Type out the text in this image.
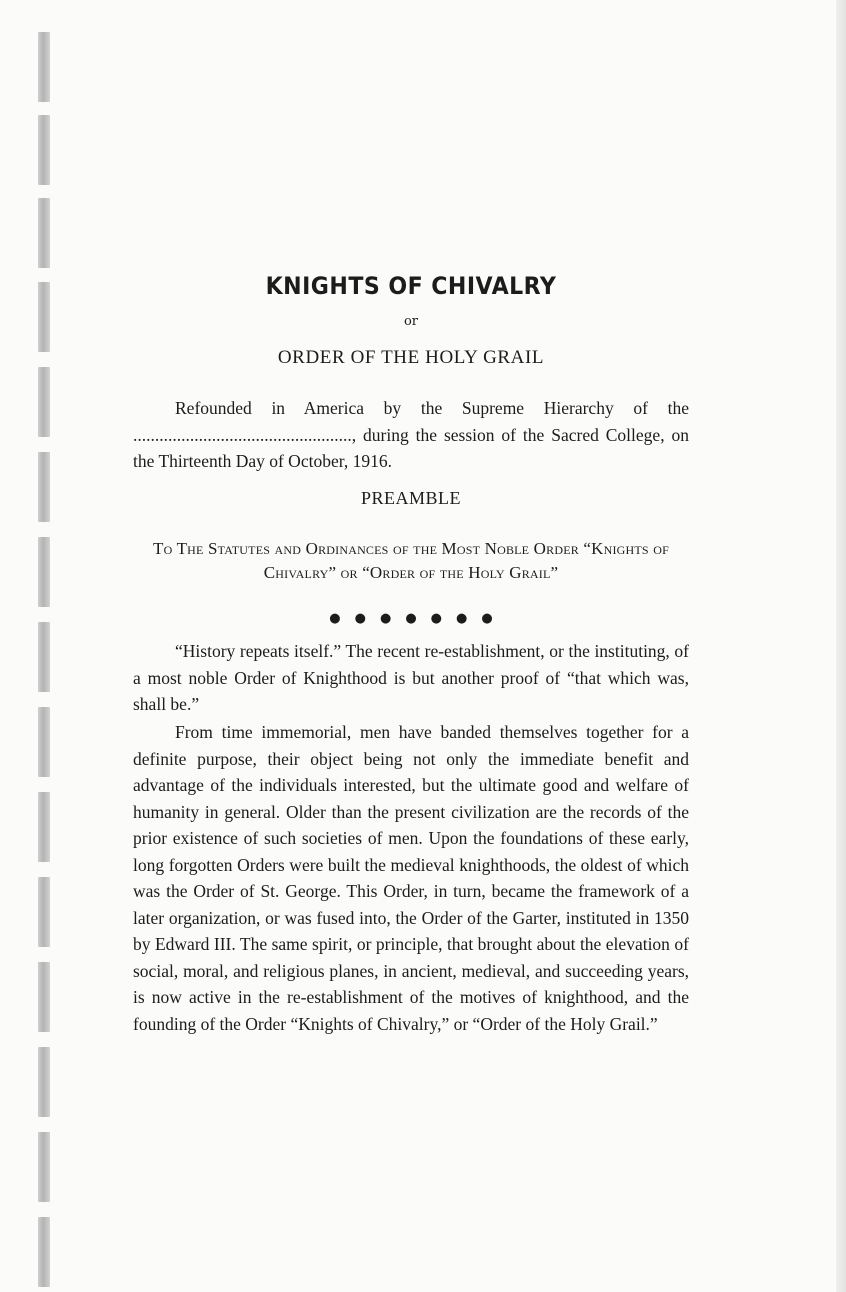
KNIGHTS OF CHIVALRY
or
ORDER OF THE HOLY GRAIL

Refounded in America by the Supreme Hierarchy of the .................................................., during the session of the Sacred College, on the Thirteenth Day of October, 1916.

PREAMBLE
To The Statutes and Ordinances of the Most Noble Order “Knights of Chivalry” or “Order of the Holy Grail”
●●●●●●●

“History repeats itself.” The recent re-establishment, or the instituting, of a most noble Order of Knighthood is but another proof of “that which was, shall be.”

From time immemorial, men have banded themselves together for a definite purpose, their object being not only the immediate benefit and advantage of the individuals interested, but the ultimate good and welfare of humanity in general. Older than the present civilization are the records of the prior existence of such societies of men. Upon the foundations of these early, long forgotten Orders were built the medieval knighthoods, the oldest of which was the Order of St. George. This Order, in turn, became the framework of a later organization, or was fused into, the Order of the Garter, instituted in 1350 by Edward III. The same spirit, or principle, that brought about the elevation of social, moral, and religious planes, in ancient, medieval, and succeeding years, is now active in the re-establishment of the motives of knighthood, and the founding of the Order “Knights of Chivalry,” or “Order of the Holy Grail.”
